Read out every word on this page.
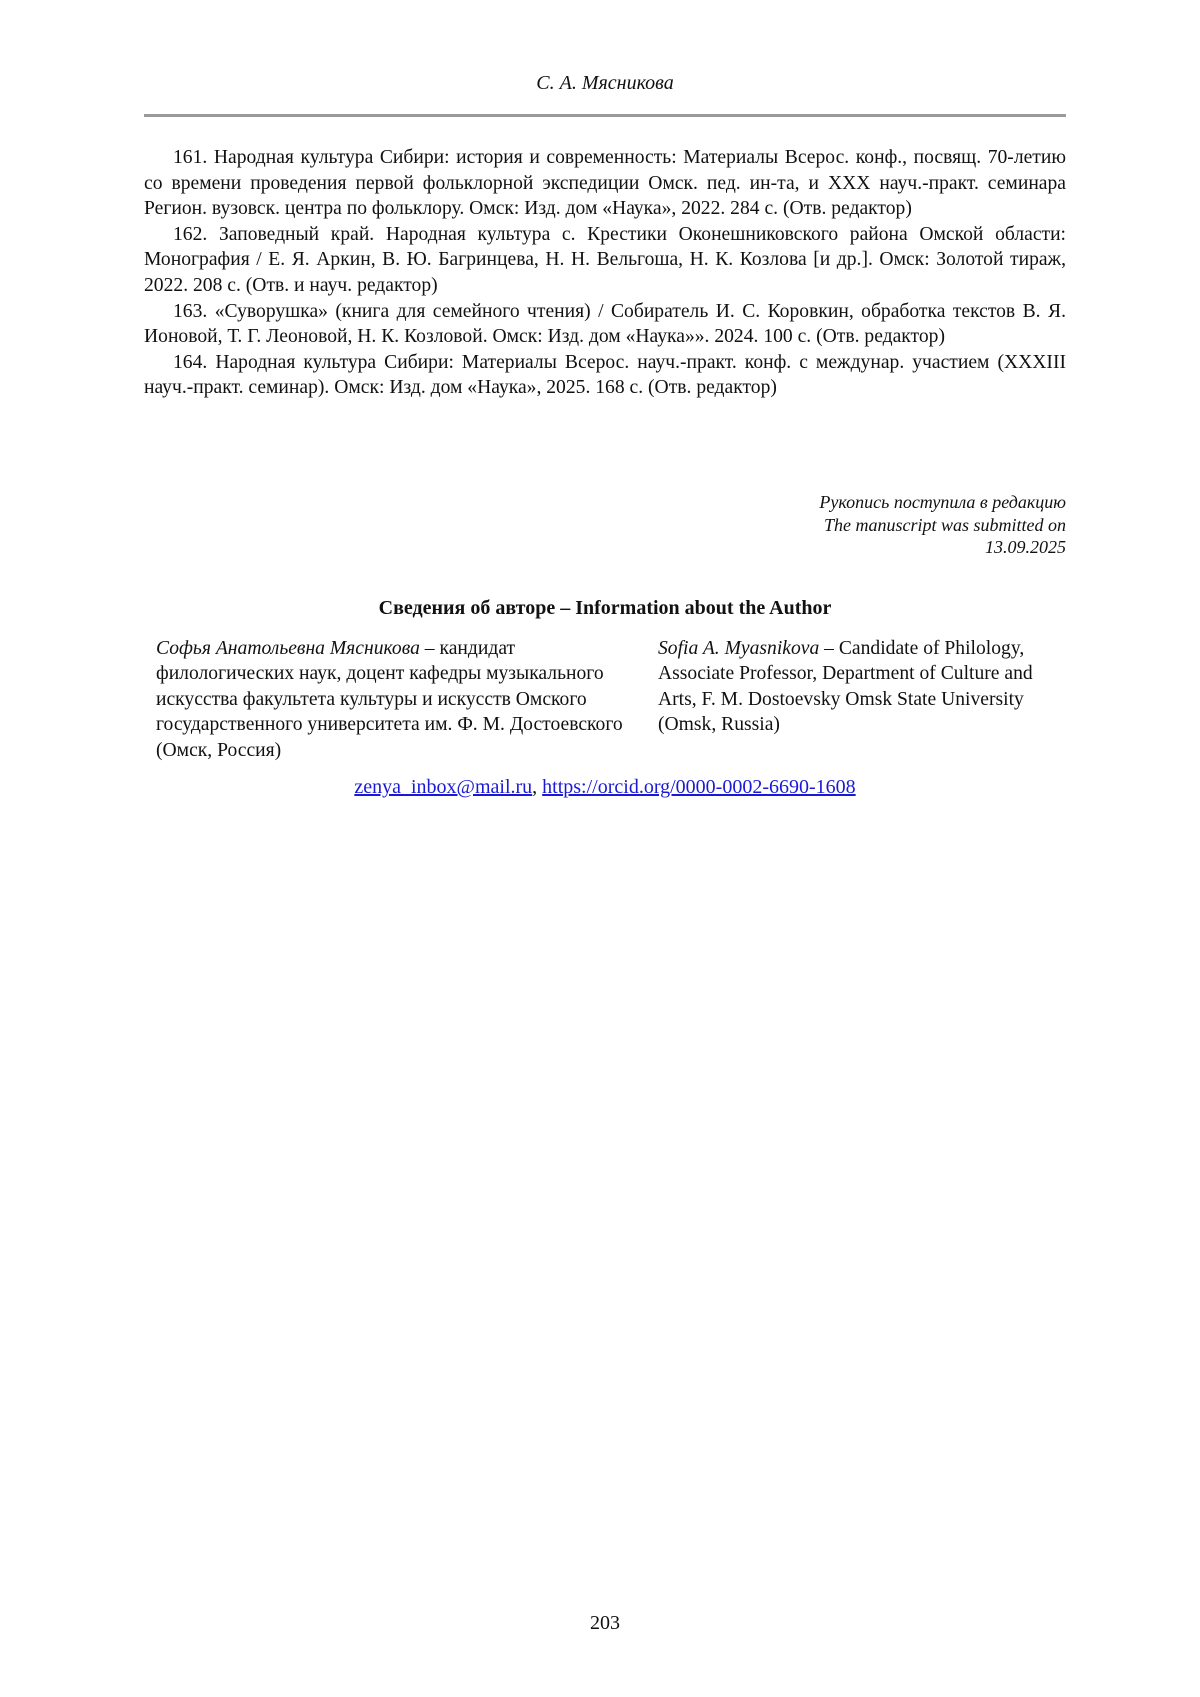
С. А. Мясникова

161. Народная культура Сибири: история и современность: Материалы Всерос. конф., посвящ. 70-летию со времени проведения первой фольклорной экспедиции Омск. пед. ин-та, и XXX науч.-практ. семинара Регион. вузовск. центра по фольклору. Омск: Изд. дом «Наука», 2022. 284 с. (Отв. редактор)

162. Заповедный край. Народная культура с. Крестики Оконешниковского района Омской области: Монография / Е. Я. Аркин, В. Ю. Багринцева, Н. Н. Вельгоша, Н. К. Козлова [и др.]. Омск: Золотой тираж, 2022. 208 с. (Отв. и науч. редактор)

163. «Суворушка» (книга для семейного чтения) / Собиратель И. С. Коровкин, обработка текстов В. Я. Ионовой, Т. Г. Леоновой, Н. К. Козловой. Омск: Изд. дом «Наука»». 2024. 100 с. (Отв. редактор)

164. Народная культура Сибири: Материалы Всерос. науч.-практ. конф. с междунар. участием (XXXIII науч.-практ. семинар). Омск: Изд. дом «Наука», 2025. 168 с. (Отв. редактор)

Рукопись поступила в редакцию
The manuscript was submitted on
13.09.2025
Сведения об авторе – Information about the Author
Софья Анатольевна Мясникова – кандидат филологических наук, доцент кафедры музыкального искусства факультета культуры и искусств Омского государственного университета им. Ф. М. Достоевского (Омск, Россия)
Sofia A. Myasnikova – Candidate of Philology, Associate Professor, Department of Culture and Arts, F. M. Dostoevsky Omsk State University (Omsk, Russia)
zenya_inbox@mail.ru, https://orcid.org/0000-0002-6690-1608
203
